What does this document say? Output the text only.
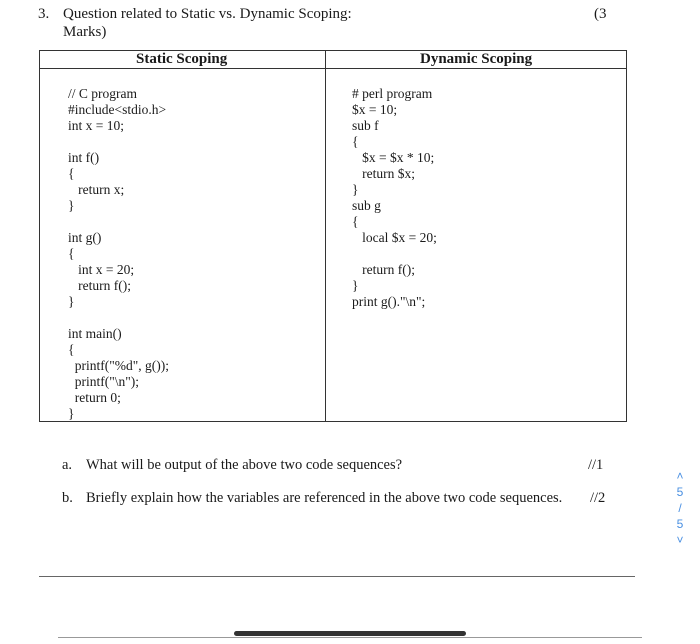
3. Question related to Static vs. Dynamic Scoping:
Marks)
(3
Static Scoping	Dynamic Scoping
// C program
#include<stdio.h>
int x = 10;

int f()
{
return x;
}

int g()
{
int x = 20;
return f();
}

int main()
{
printf("%d", g());
printf("\n");
return 0;
}
# perl program
$x = 10;
sub f
{
$x = $x * 10;
return $x;
}
sub g
{
local $x = 20;

return f();
}
print g()."\n";
a. What will be output of the above two code sequences?	//1
b. Briefly explain how the variables are referenced in the above two code sequences. //2
˄
5
/
5
˅
